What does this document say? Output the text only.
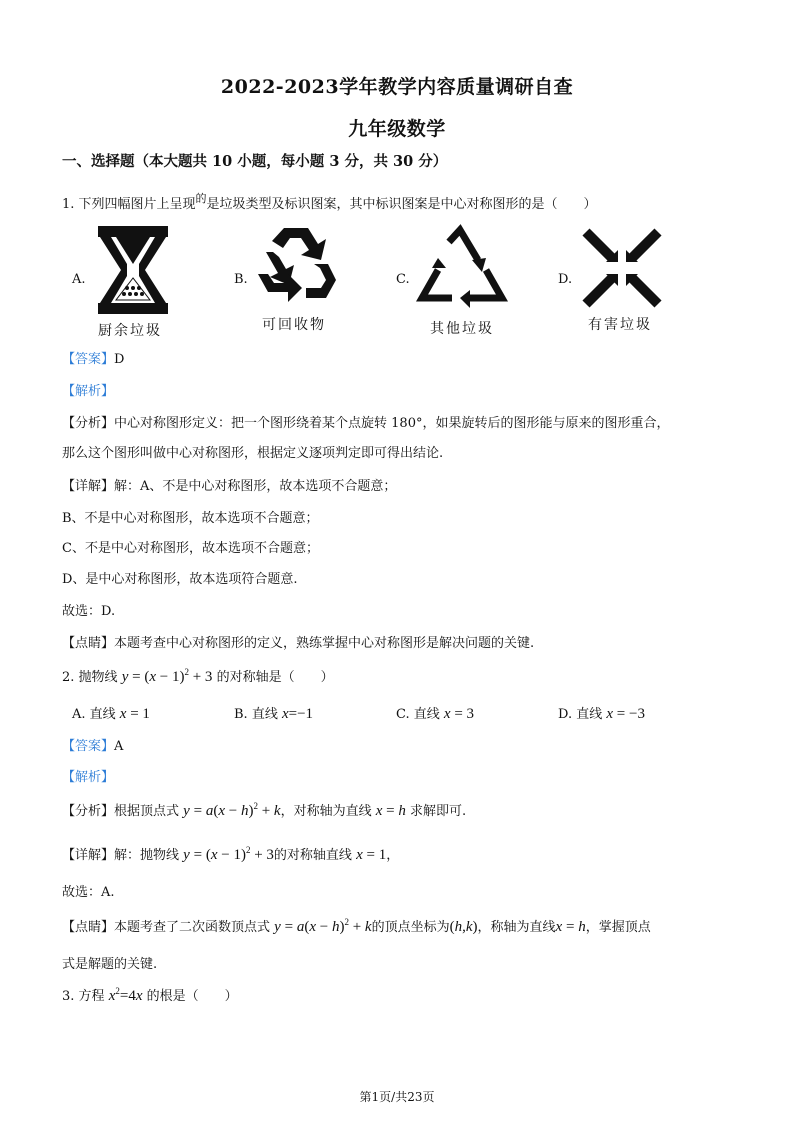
2022-2023学年教学内容质量调研自查
九年级数学
一、选择题（本大题共 10 小题，每小题 3 分，共 30 分）
1. 下列四幅图片上呈现$^的$是垃圾类型及标识图案，其中标识图案是中心对称图形的是（　　）
A.
厨余垃圾
B.
可回收物
C.
其他垃圾
D.
有害垃圾
【答案】D
【解析】
【分析】中心对称图形定义：把一个图形绕着某个点旋转 180°，如果旋转后的图形能与原来的图形重合，
那么这个图形叫做中心对称图形，根据定义逐项判定即可得出结论.
【详解】解：A、不是中心对称图形，故本选项不合题意；
B、不是中心对称图形，故本选项不合题意；
C、不是中心对称图形，故本选项不合题意；
D、是中心对称图形，故本选项符合题意.
故选：D.
【点睛】本题考查中心对称图形的定义，熟练掌握中心对称图形是解决问题的关键.
2. 抛物线 $y = (x - 1)^2 + 3$ 的对称轴是（　　）
A. 直线 x = 1	B. 直线 x=−1	C. 直线 x = 3	D. 直线 x = −3
【答案】A
【解析】
【分析】根据顶点式 $y = a(x - h)^2 + k$，对称轴为直线 x = h 求解即可.
【详解】解：抛物线 $y = (x - 1)^2 + 3$的对称轴直线 x = 1，
故选：A.
【点睛】本题考查了二次函数顶点式 $y = a(x - h)^2 + k$的顶点坐标为(h,k)，称轴为直线x = h，掌握顶点
式是解题的关键.
3. 方程 $x^2=4x$ 的根是（　　）
第1页/共23页
